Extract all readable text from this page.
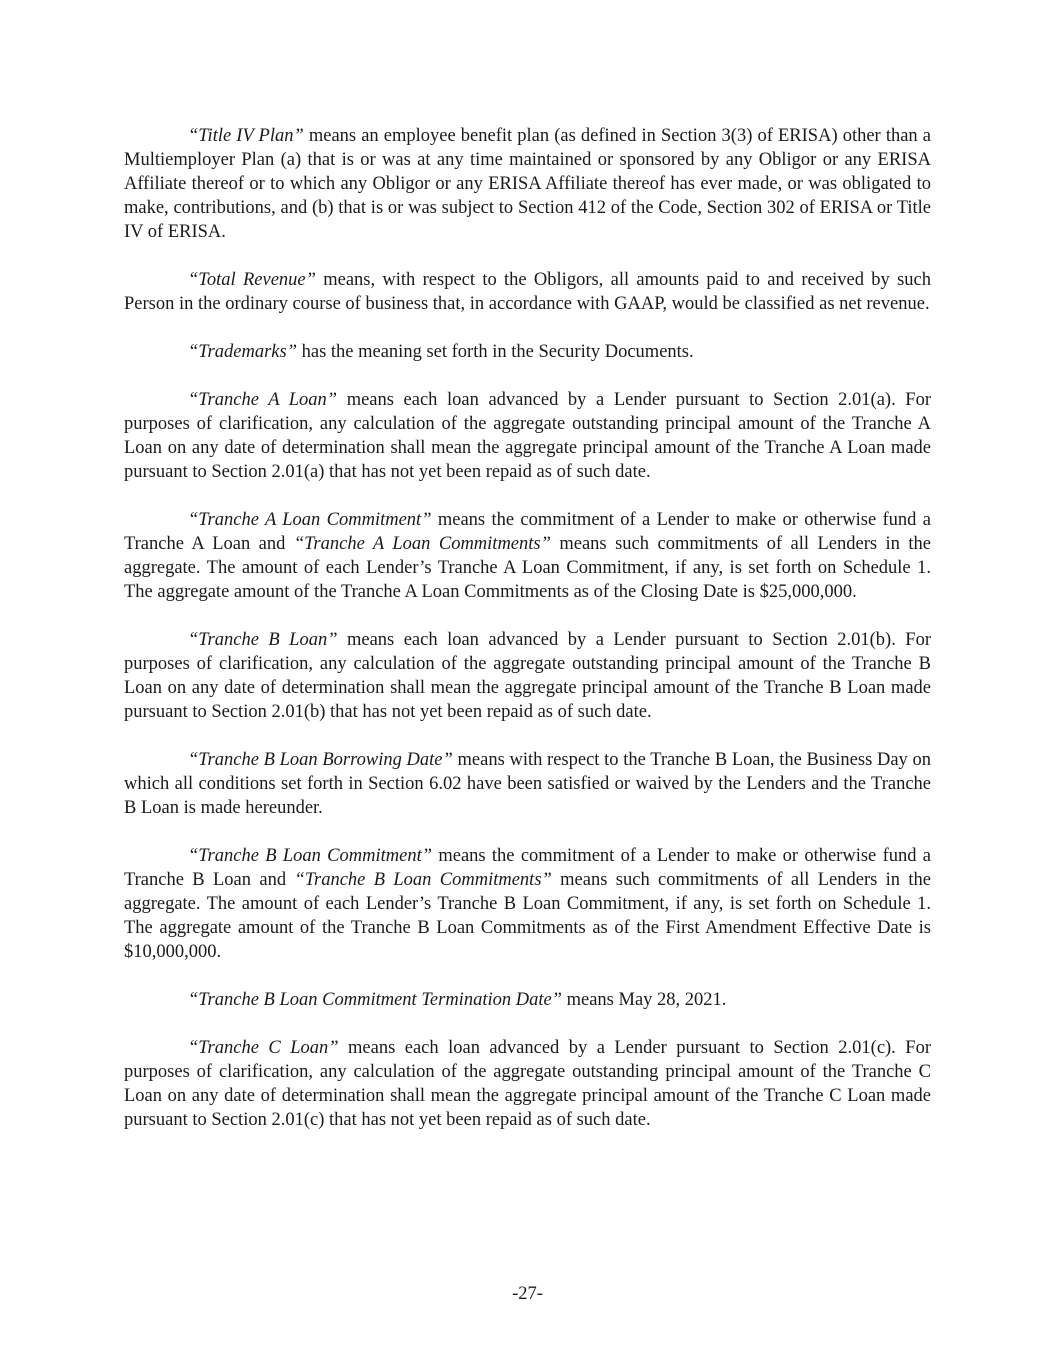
“Title IV Plan” means an employee benefit plan (as defined in Section 3(3) of ERISA) other than a Multiemployer Plan (a) that is or was at any time maintained or sponsored by any Obligor or any ERISA Affiliate thereof or to which any Obligor or any ERISA Affiliate thereof has ever made, or was obligated to make, contributions, and (b) that is or was subject to Section 412 of the Code, Section 302 of ERISA or Title IV of ERISA.

“Total Revenue” means, with respect to the Obligors, all amounts paid to and received by such Person in the ordinary course of business that, in accordance with GAAP, would be classified as net revenue.

“Trademarks” has the meaning set forth in the Security Documents.

“Tranche A Loan” means each loan advanced by a Lender pursuant to Section 2.01(a). For purposes of clarification, any calculation of the aggregate outstanding principal amount of the Tranche A Loan on any date of determination shall mean the aggregate principal amount of the Tranche A Loan made pursuant to Section 2.01(a) that has not yet been repaid as of such date.

“Tranche A Loan Commitment” means the commitment of a Lender to make or otherwise fund a Tranche A Loan and “Tranche A Loan Commitments” means such commitments of all Lenders in the aggregate. The amount of each Lender’s Tranche A Loan Commitment, if any, is set forth on Schedule 1. The aggregate amount of the Tranche A Loan Commitments as of the Closing Date is $25,000,000.

“Tranche B Loan” means each loan advanced by a Lender pursuant to Section 2.01(b). For purposes of clarification, any calculation of the aggregate outstanding principal amount of the Tranche B Loan on any date of determination shall mean the aggregate principal amount of the Tranche B Loan made pursuant to Section 2.01(b) that has not yet been repaid as of such date.

“Tranche B Loan Borrowing Date” means with respect to the Tranche B Loan, the Business Day on which all conditions set forth in Section 6.02 have been satisfied or waived by the Lenders and the Tranche B Loan is made hereunder.

“Tranche B Loan Commitment” means the commitment of a Lender to make or otherwise fund a Tranche B Loan and “Tranche B Loan Commitments” means such commitments of all Lenders in the aggregate. The amount of each Lender’s Tranche B Loan Commitment, if any, is set forth on Schedule 1. The aggregate amount of the Tranche B Loan Commitments as of the First Amendment Effective Date is $10,000,000.

“Tranche B Loan Commitment Termination Date” means May 28, 2021.

“Tranche C Loan” means each loan advanced by a Lender pursuant to Section 2.01(c). For purposes of clarification, any calculation of the aggregate outstanding principal amount of the Tranche C Loan on any date of determination shall mean the aggregate principal amount of the Tranche C Loan made pursuant to Section 2.01(c) that has not yet been repaid as of such date.

-27-
